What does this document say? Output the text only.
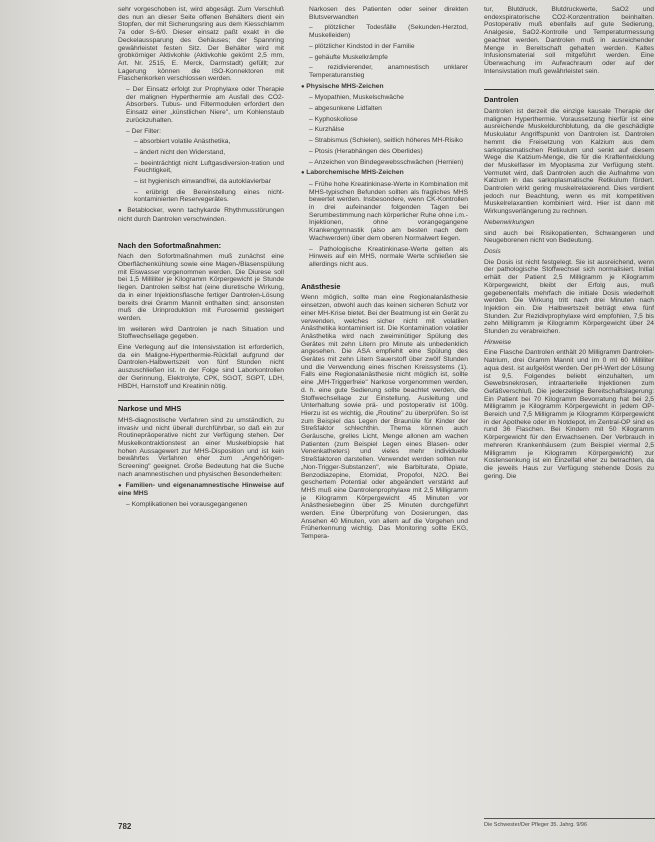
sehr vorgeschoben ist, wird abgesägt. Zum Verschluß des nun an dieser Seite offenen Behälters dient ein Stopfen, der mit Sicherungsring aus dem Kiesschlamm 7a oder S-6/0. Dieser einsatz paßt exakt in die Deckelaussparung des Gehäuses; der Spannring gewährleistet festen Sitz. Der Behälter wird mit grobkörniger Aktivkohle (Aktivkohle gekörnt 2,5 mm, Art. Nr. 2515, E. Merck, Darmstadt) gefüllt; zur Lagerung können die ISO-Konnektoren mit Flaschenkorken verschlossen werden.

– Der Einsatz erfolgt zur Prophylaxe oder Therapie der malignen Hyperthermie am Ausfall des CO2-Absorbers. Tubus- und Filtermodulen erfordert den Einsatz einer „künstlichen Niere", um Kohlenstaub zurückzuhalten.

– Der Filter:

– absorbiert volatile Anästhetika,

– ändert nicht den Widerstand,

– beeinträchtigt nicht Luftgasdiversion-tration und Feuchtigkeit,

– ist hygienisch einwandfrei, da autoklavierbar

– erübrigt die Bereinstellung eines nicht-kontaminierten Reservegerätes.

● Betablocker, wenn tachykarde Rhythmusstörungen nicht durch Dantrolen verschwinden.

Nach den Sofortmaßnahmen:

Nach den Sofortmaßnahmen muß zunächst eine Oberflächenkühlung sowie eine Magen-/Blasenspülung mit Eiswasser vorgenommen werden. Die Diurese soll bei 1,5 Milliliter je Kilogramm Körpergewicht je Stunde liegen. Dantrolen selbst hat (eine diuretische Wirkung, da in einer Injektionsflasche fertiger Dantrolen-Lösung bereits drei Gramm Mannit enthalten sind; ansonsten muß die Urinproduktion mit Furosemid gesteigert werden.

Im weiteren wird Dantrolen je nach Situation und Stoffwechsellage gegeben.

Eine Verlegung auf die Intensivstation ist erforderlich, da ein Maligne-Hyperthermie-Rückfall aufgrund der Dantrolen-Halbwertszeit von fünf Stunden nicht auszuschließen ist. In der Folge sind Laborkontrollen der Gerinnung, Elektrolyte, CPK, SGOT, SGPT, LDH, HBDH, Harnstoff und Kreatinin nötig.

Narkose und MHS

MHS-diagnostische Verfahren sind zu umständlich, zu invasiv und nicht überall durchführbar, so daß ein zur Routinepräoperative nicht zur Verfügung stehen. Der Muskelkontraktionstest an einer Muskelbiopsie hat hohen Aussagewert zur MHS-Disposition und ist kein bewährtes Verfahren eher zum „Angehörigen-Screening" geeignet. Große Bedeutung hat die Suche nach anamnestischen und physischen Besonderheiten:

● Familien- und eigenanamnestische Hinweise auf eine MHS

– Komplikationen bei vorausgegangenen

Narkosen des Patienten oder seiner direkten Blutsverwandten

– plötzlicher Todesfälle (Sekunden-Herztod, Muskelleiden)

– plötzlicher Kindstod in der Familie

– gehäufte Muskelkrämpfe

– rezidivierender, anamnestisch unklarer Temperaturanstieg

● Physische MHS-Zeichen

– Myopathien, Muskelschwäche

– abgesunkene Lidfalten

– Kyphoskoliose

– Kurzhälse

– Strabismus (Schielen), seitlich höheres MH-Risiko

– Ptosis (Herabhängen des Oberlides)

– Anzeichen von Bindegewebsschwächen (Hernien)

● Laborchemische MHS-Zeichen

– Frühe hohe Kreatinkinase-Werte in Kombination mit MHS-typischen Befunden sollten als fragliches MHS bewertet werden. Insbesondere, wenn CK-Kontrollen in drei aufeinander folgenden Tagen bei Serumbestimmung nach körperlicher Ruhe ohne i.m.-Injektionen, ohne vorangegangene Krankengymnastik (also am besten nach dem Wachwerden) über dem oberen Normalwert liegen.

– Pathologische Kreatinkinase-Werte gelten als Hinweis auf ein MHS, normale Werte schließen sie allerdings nicht aus.

Anästhesie

Wenn möglich, sollte man eine Regionalanästhesie einsetzen, obwohl auch das keinen sicheren Schutz vor einer MH-Krise bietet. Bei der Beatmung ist ein Gerät zu verwenden, welches sicher nicht mit volatilen Anästhetika kontaminiert ist. Die Kontamination volatiler Anästhetika wird nach zweiminütiger Spülung des Gerätes mit zehn Litern pro Minute als unbedenklich angesehen. Die ASA empfiehlt eine Spülung des Gerätes mit zehn Litern Sauerstoff über zwölf Stunden und die Verwendung eines frischen Kreissystems (1). Falls eine Regionalanästhesie nicht möglich ist, sollte eine „MH-Triggerfreie" Narkose vorgenommen werden, d. h. eine gute Sedierung sollte beachtet werden, die Stoffwechsellage zur Einstellung. Ausleitung und Unterhaltung sowie prä- und postoperativ ist 100g. Hierzu ist es wichtig, die „Routine" zu überprüfen. So ist zum Beispiel das Legen der Braunüle für Kinder der Streßfaktor schlechthin. Thema können auch Geräusche, grelles Licht, Menge allonen am wachen Patienten (zum Beispiel Legen eines Blasen- oder Venenkatheters) und vieles mehr individuelle Streßfaktoren darstellen. Verwendet werden sollten nur „Non-Trigger-Substanzen", wie Barbiturate, Opiate, Benzodiazepine, Etomidat, Propofol, N2O. Bei geschertem Potential oder abgeändert verstärkt auf MHS muß eine Dantrolenprophylaxe mit 2,5 Milligramm je Kilogramm Körpergewicht 45 Minuten vor Anästhesiebeginn über 25 Minuten durchgeführt werden. Eine Überprüfung von Dosierungen, das Ansehen 40 Minuten, von allem auf die Vorgehen und Früherkennung wichtig. Das Monitoring sollte EKG, Tempera-

tur, Blutdruck, Blutdruckwerte, SaO2 und endexspiratorische CO2-Konzentration beinhalten. Postoperativ muß ebenfalls auf gute Sedierung, Analgesie, SaO2-Kontrolle und Temperaturmessung geachtet werden. Dantrolen muß in ausreichender Menge in Bereitschaft gehalten werden. Kaltes Infusionsmaterial soll mitgeführt werden. Eine Überwachung im Aufwachraum oder auf der Intensivstation muß gewährleistet sein.

Dantrolen

Dantrolen ist derzeit die einzige kausale Therapie der malignen Hyperthermie. Voraussetzung hierfür ist eine ausreichende Muskeldurchblutung, da die geschädigte Muskulatur Angriffspunkt von Dantrolen ist. Dantrolen hemmt die Freisetzung von Kalzium aus dem sarkoplasmatischen Retikulum und senkt auf diesem Wege die Kalzium-Menge, die für die Kraftentwicklung der Muskelfaser im Myoplasma zur Verfügung steht. Vermutet wird, daß Dantrolen auch die Aufnahme von Kalzium in das sarkoplasmatische Retikulum fördert. Dantrolen wirkt gering muskelrelaxierend. Dies verdient jedoch nur Beachtung, wenn es mit kompetitiven Muskelrelaxantien kombiniert wird. Hier ist dann mit Wirkungsverlängerung zu rechnen.

Nebenwirkungen

sind auch bei Risikopatienten, Schwangeren und Neugeborenen nicht von Bedeutung.

Dosis

Die Dosis ist nicht festgelegt. Sie ist ausreichend, wenn der pathologische Stoffwechsel sich normalisiert. Initial erhält der Patient 2,5 Milligramm je Kilogramm Körpergewicht, bleibt der Erfolg aus, muß gegebenenfalls mehrfach die initiale Dosis wiederholt werden. Die Wirkung tritt nach drei Minuten nach Injektion ein. Die Halbwertszeit beträgt etwa fünf Stunden. Zur Rezidivprophylaxe wird empfohlen, 7,5 bis zehn Milligramm je Kilogramm Körpergewicht über 24 Stunden zu verabreichen.

Hinweise

Eine Flasche Dantrolen enthält 20 Milligramm Dantrolen-Natrium, drei Gramm Mannit und im 0 ml 60 Milliliter aqua dest. ist aufgelöst werden. Der pH-Wert der Lösung ist 9,5. Folgendes beliebt einzuhalten, um Gewebsnekrosen, intraarterielle Injektionen zum Gefäßverschluß. Die jederzeitige Bereitschaftslagerung: Ein Patient bei 70 Kilogramm Bevorratung hat bei 2,5 Milligramm je Kilogramm Körpergewicht in jedem OP-Bereich und 7,5 Milligramm je Kilogramm Körpergewicht in der Apotheke oder im Notdepot, im Zentral-OP sind es rund 36 Flaschen. Bei Kindern mit 50 Kilogramm Körpergewicht für den Erwachsenen. Der Verbrauch in mehreren Krankenhäusern (zum Beispiel viermal 2,5 Milligramm je Kilogramm Körpergewicht) zur Kostensenkung ist ein Einzelfall eher zu betrachten, da die jeweils Haus zur Verfügung stehende Dosis zu gering. Die

782	Die Schwester/Der Pfleger 35. Jahrg. 9/96
